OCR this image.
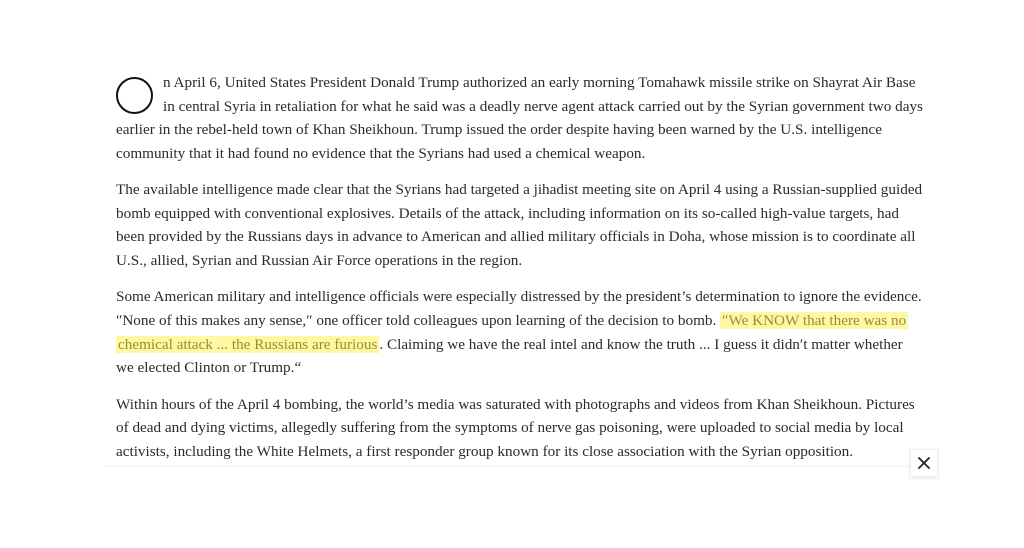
n April 6, United States President Donald Trump authorized an early morning Tomahawk missile strike on Shayrat Air Base in central Syria in retaliation for what he said was a deadly nerve agent attack carried out by the Syrian government two days earlier in the rebel-held town of Khan Sheikhoun. Trump issued the order despite having been warned by the U.S. intelligence community that it had found no evidence that the Syrians had used a chemical weapon.

The available intelligence made clear that the Syrians had targeted a jihadist meeting site on April 4 using a Russian-supplied guided bomb equipped with conventional explosives. Details of the attack, including information on its so-called high-value targets, had been provided by the Russians days in advance to American and allied military officials in Doha, whose mission is to coordinate all U.S., allied, Syrian and Russian Air Force operations in the region.

Some American military and intelligence officials were especially distressed by the president’s determination to ignore the evidence. ″None of this makes any sense,″ one officer told colleagues upon learning of the decision to bomb. ″We KNOW that there was no chemical attack ... the Russians are furious . Claiming we have the real intel and know the truth ... I guess it didn′t matter whether we elected Clinton or Trump.“

Within hours of the April 4 bombing, the world’s media was saturated with photographs and videos from Khan Sheikhoun. Pictures of dead and dying victims, allegedly suffering from the symptoms of nerve gas poisoning, were uploaded to social media by local activists, including the White Helmets, a first responder group known for its close association with the Syrian opposition.
